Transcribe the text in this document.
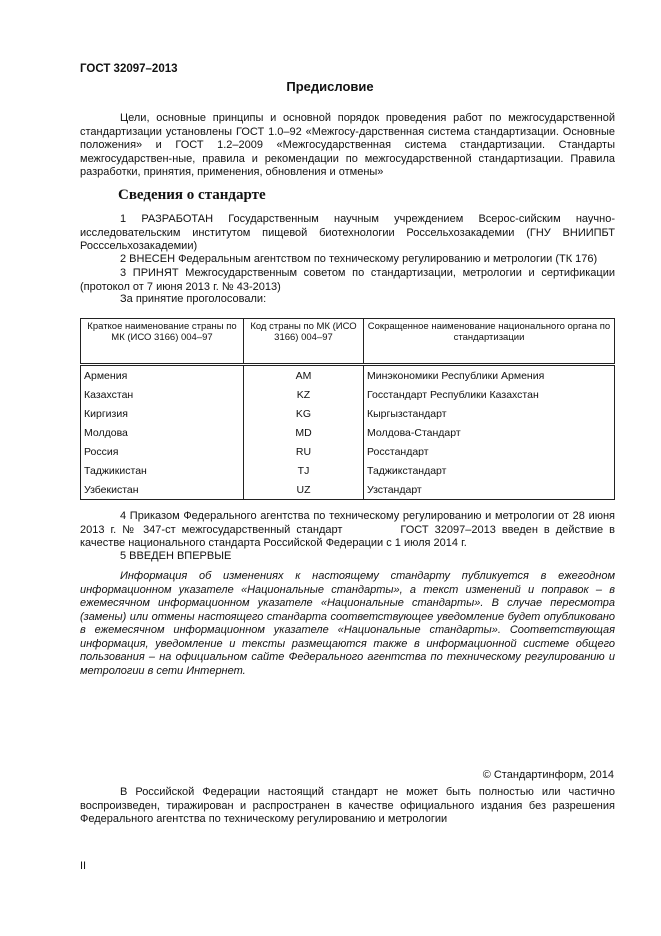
ГОСТ 32097–2013
Предисловие

Цели, основные принципы и основной порядок проведения работ по межгосударственной стандартизации установлены ГОСТ 1.0–92 «Межгосу-дарственная система стандартизации. Основные положения» и ГОСТ 1.2–2009 «Межгосударственная система стандартизации. Стандарты межгосударствен-ные, правила и рекомендации по межгосударственной стандартизации. Правила разработки, принятия, применения, обновления и отмены»

Сведения о стандарте

1 РАЗРАБОТАН Государственным научным учреждением Всерос-сийским научно-исследовательским институтом пищевой биотехнологии Россельхозакадемии (ГНУ ВНИИПБТ Росссельхозакадемии)

2 ВНЕСЕН Федеральным агентством по техническому регулированию и метрологии (ТК 176)

3 ПРИНЯТ Межгосударственным советом по стандартизации, метрологии и сертификации (протокол от 7 июня 2013 г. № 43-2013)

За принятие проголосовали:

Краткое наименование страны по МК (ИСО 3166) 004–97	Код страны по МК (ИСО 3166) 004–97	Сокращенное наименование национального органа по стандартизации
Армения	AM	Минэкономики Республики Армения
Казахстан	KZ	Госстандарт Республики Казахстан
Киргизия	KG	Кыргызстандарт
Молдова	MD	Молдова-Стандарт
Россия	RU	Росстандарт
Таджикистан	TJ	Таджикстандарт
Узбекистан	UZ	Узстандарт

4 Приказом Федерального агентства по техническому регулированию и метрологии от 28 июня 2013 г. № 347-ст межгосударственный стандарт	ГОСТ 32097–2013 введен в действие в качестве национального стандарта Российской Федерации с 1 июля 2014 г.

5 ВВЕДЕН ВПЕРВЫЕ

Информация об изменениях к настоящему стандарту публикуется в ежегодном информационном указателе «Национальные стандарты», а текст изменений и поправок – в ежемесячном информационном указателе «Национальные стандарты». В случае пересмотра (замены) или отмены настоящего стандарта соответствующее уведомление будет опубликовано в ежемесячном информационном указателе «Национальные стандарты». Соответствующая информация, уведомление и тексты размещаются также в информационной системе общего пользования – на официальном сайте Федерального агентства по техническому регулированию и метрологии в сети Интернет.

© Стандартинформ, 2014

В Российской Федерации настоящий стандарт не может быть полностью или частично воспроизведен, тиражирован и распространен в качестве официального издания без разрешения Федерального агентства по техническому регулированию и метрологии

II
